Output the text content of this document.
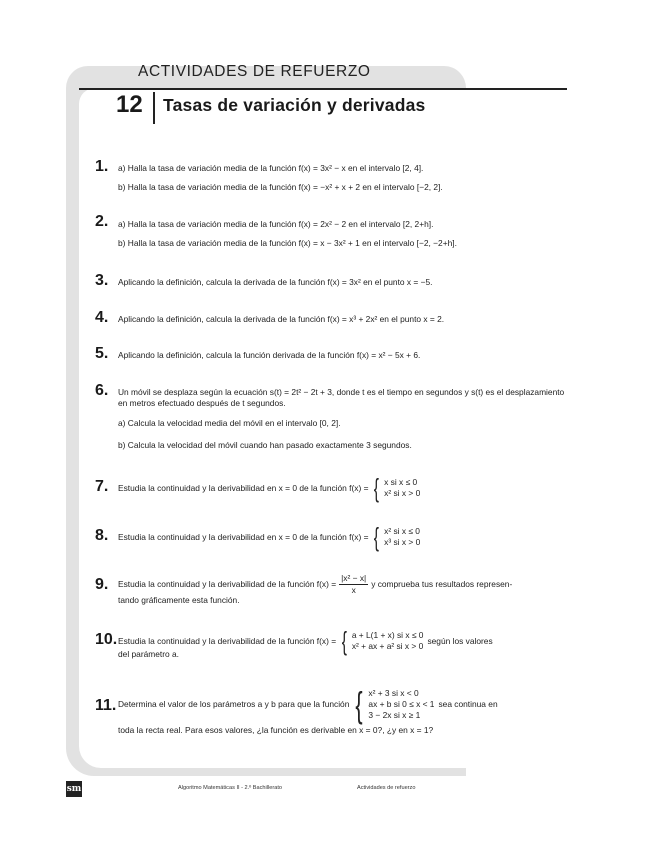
ACTIVIDADES DE REFUERZO
12 Tasas de variación y derivadas
1. a) Halla la tasa de variación media de la función f(x) = 3x² − x en el intervalo [2, 4].
b) Halla la tasa de variación media de la función f(x) = −x² + x + 2 en el intervalo [−2, 2].
2. a) Halla la tasa de variación media de la función f(x) = 2x² − 2 en el intervalo [2, 2+h].
b) Halla la tasa de variación media de la función f(x) = x − 3x² + 1 en el intervalo [−2, −2+h].
3. Aplicando la definición, calcula la derivada de la función f(x) = 3x² en el punto x = −5.
4. Aplicando la definición, calcula la derivada de la función f(x) = x³ + 2x² en el punto x = 2.
5. Aplicando la definición, calcula la función derivada de la función f(x) = x² − 5x + 6.
6. Un móvil se desplaza según la ecuación s(t) = 2t² − 2t + 3, donde t es el tiempo en segundos y s(t) es el desplazamiento en metros efectuado después de t segundos.
a) Calcula la velocidad media del móvil en el intervalo [0, 2].
b) Calcula la velocidad del móvil cuando han pasado exactamente 3 segundos.
7. Estudia la continuidad y la derivabilidad en x = 0 de la función f(x) = { x si x ≤ 0
x² si x > 0
8. Estudia la continuidad y la derivabilidad en x = 0 de la función f(x) = { x² si x ≤ 0
x³ si x > 0
9. Estudia la continuidad y la derivabilidad de la función $f(x) = \frac{\text{|x² − x|}}{x}$ y comprueba tus resultados represen-
tando gráficamente esta función.
10. Estudia la continuidad y la derivabilidad de la función f(x) = { a + L(1 + x) si x ≤ 0
x² + ax + a² si x > 0
según los valores
del parámetro a.
11. Determina el valor de los parámetros a y b para que la función { x² + 3 si x < 0
ax + b si 0 ≤ x < 1
3 − 2x si x ≥ 1
sea continua en
toda la recta real. Para esos valores, ¿la función es derivable en x = 0?, ¿y en x = 1?
sm	Algoritmo Matemáticas II - 2.º Bachillerato	Actividades de refuerzo
